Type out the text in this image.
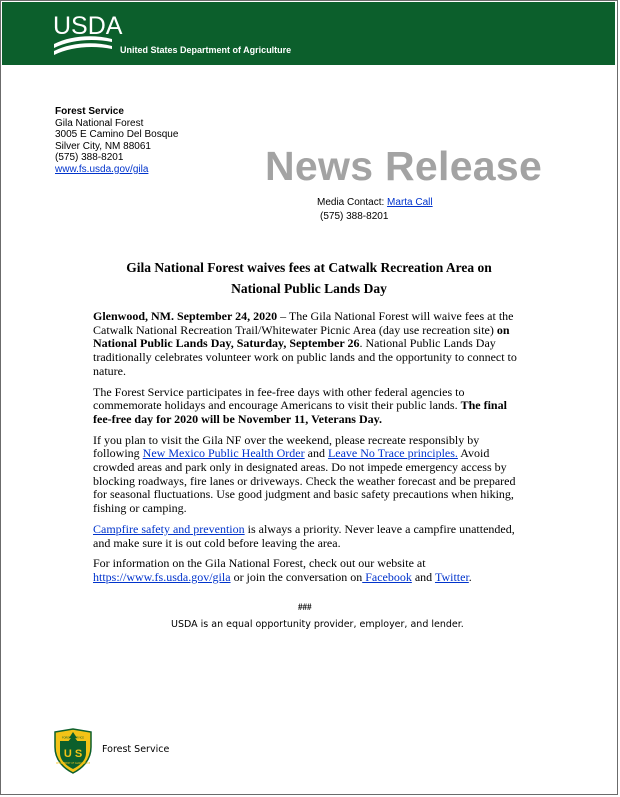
USDA
United States Department of Agriculture
Forest Service
Gila National Forest
3005 E Camino Del Bosque
Silver City, NM 88061
(575) 388-8201
www.fs.usda.gov/gila	News Release
Media Contact: Marta Call
(575) 388-8201
Gila National Forest waives fees at Catwalk Recreation Area on
National Public Lands Day

Glenwood, NM. September 24, 2020 – The Gila National Forest will waive fees at the Catwalk National Recreation Trail/Whitewater Picnic Area (day use recreation site) on National Public Lands Day, Saturday, September 26. National Public Lands Day traditionally celebrates volunteer work on public lands and the opportunity to connect to nature.

The Forest Service participates in fee-free days with other federal agencies to commemorate holidays and encourage Americans to visit their public lands. The final fee-free day for 2020 will be November 11, Veterans Day.

If you plan to visit the Gila NF over the weekend, please recreate responsibly by following New Mexico Public Health Order and Leave No Trace principles. Avoid crowded areas and park only in designated areas. Do not impede emergency access by blocking roadways, fire lanes or driveways. Check the weather forecast and be prepared for seasonal fluctuations. Use good judgment and basic safety precautions when hiking, fishing or camping.

Campfire safety and prevention is always a priority. Never leave a campfire unattended, and make sure it is out cold before leaving the area.

For information on the Gila National Forest, check out our website at https://www.fs.usda.gov/gila or join the conversation on Facebook and Twitter.

###
USDA is an equal opportunity provider, employer, and lender.
FOREST SERVICE
U S
DEPARTMENT OF AGRICULTURE
Forest Service
